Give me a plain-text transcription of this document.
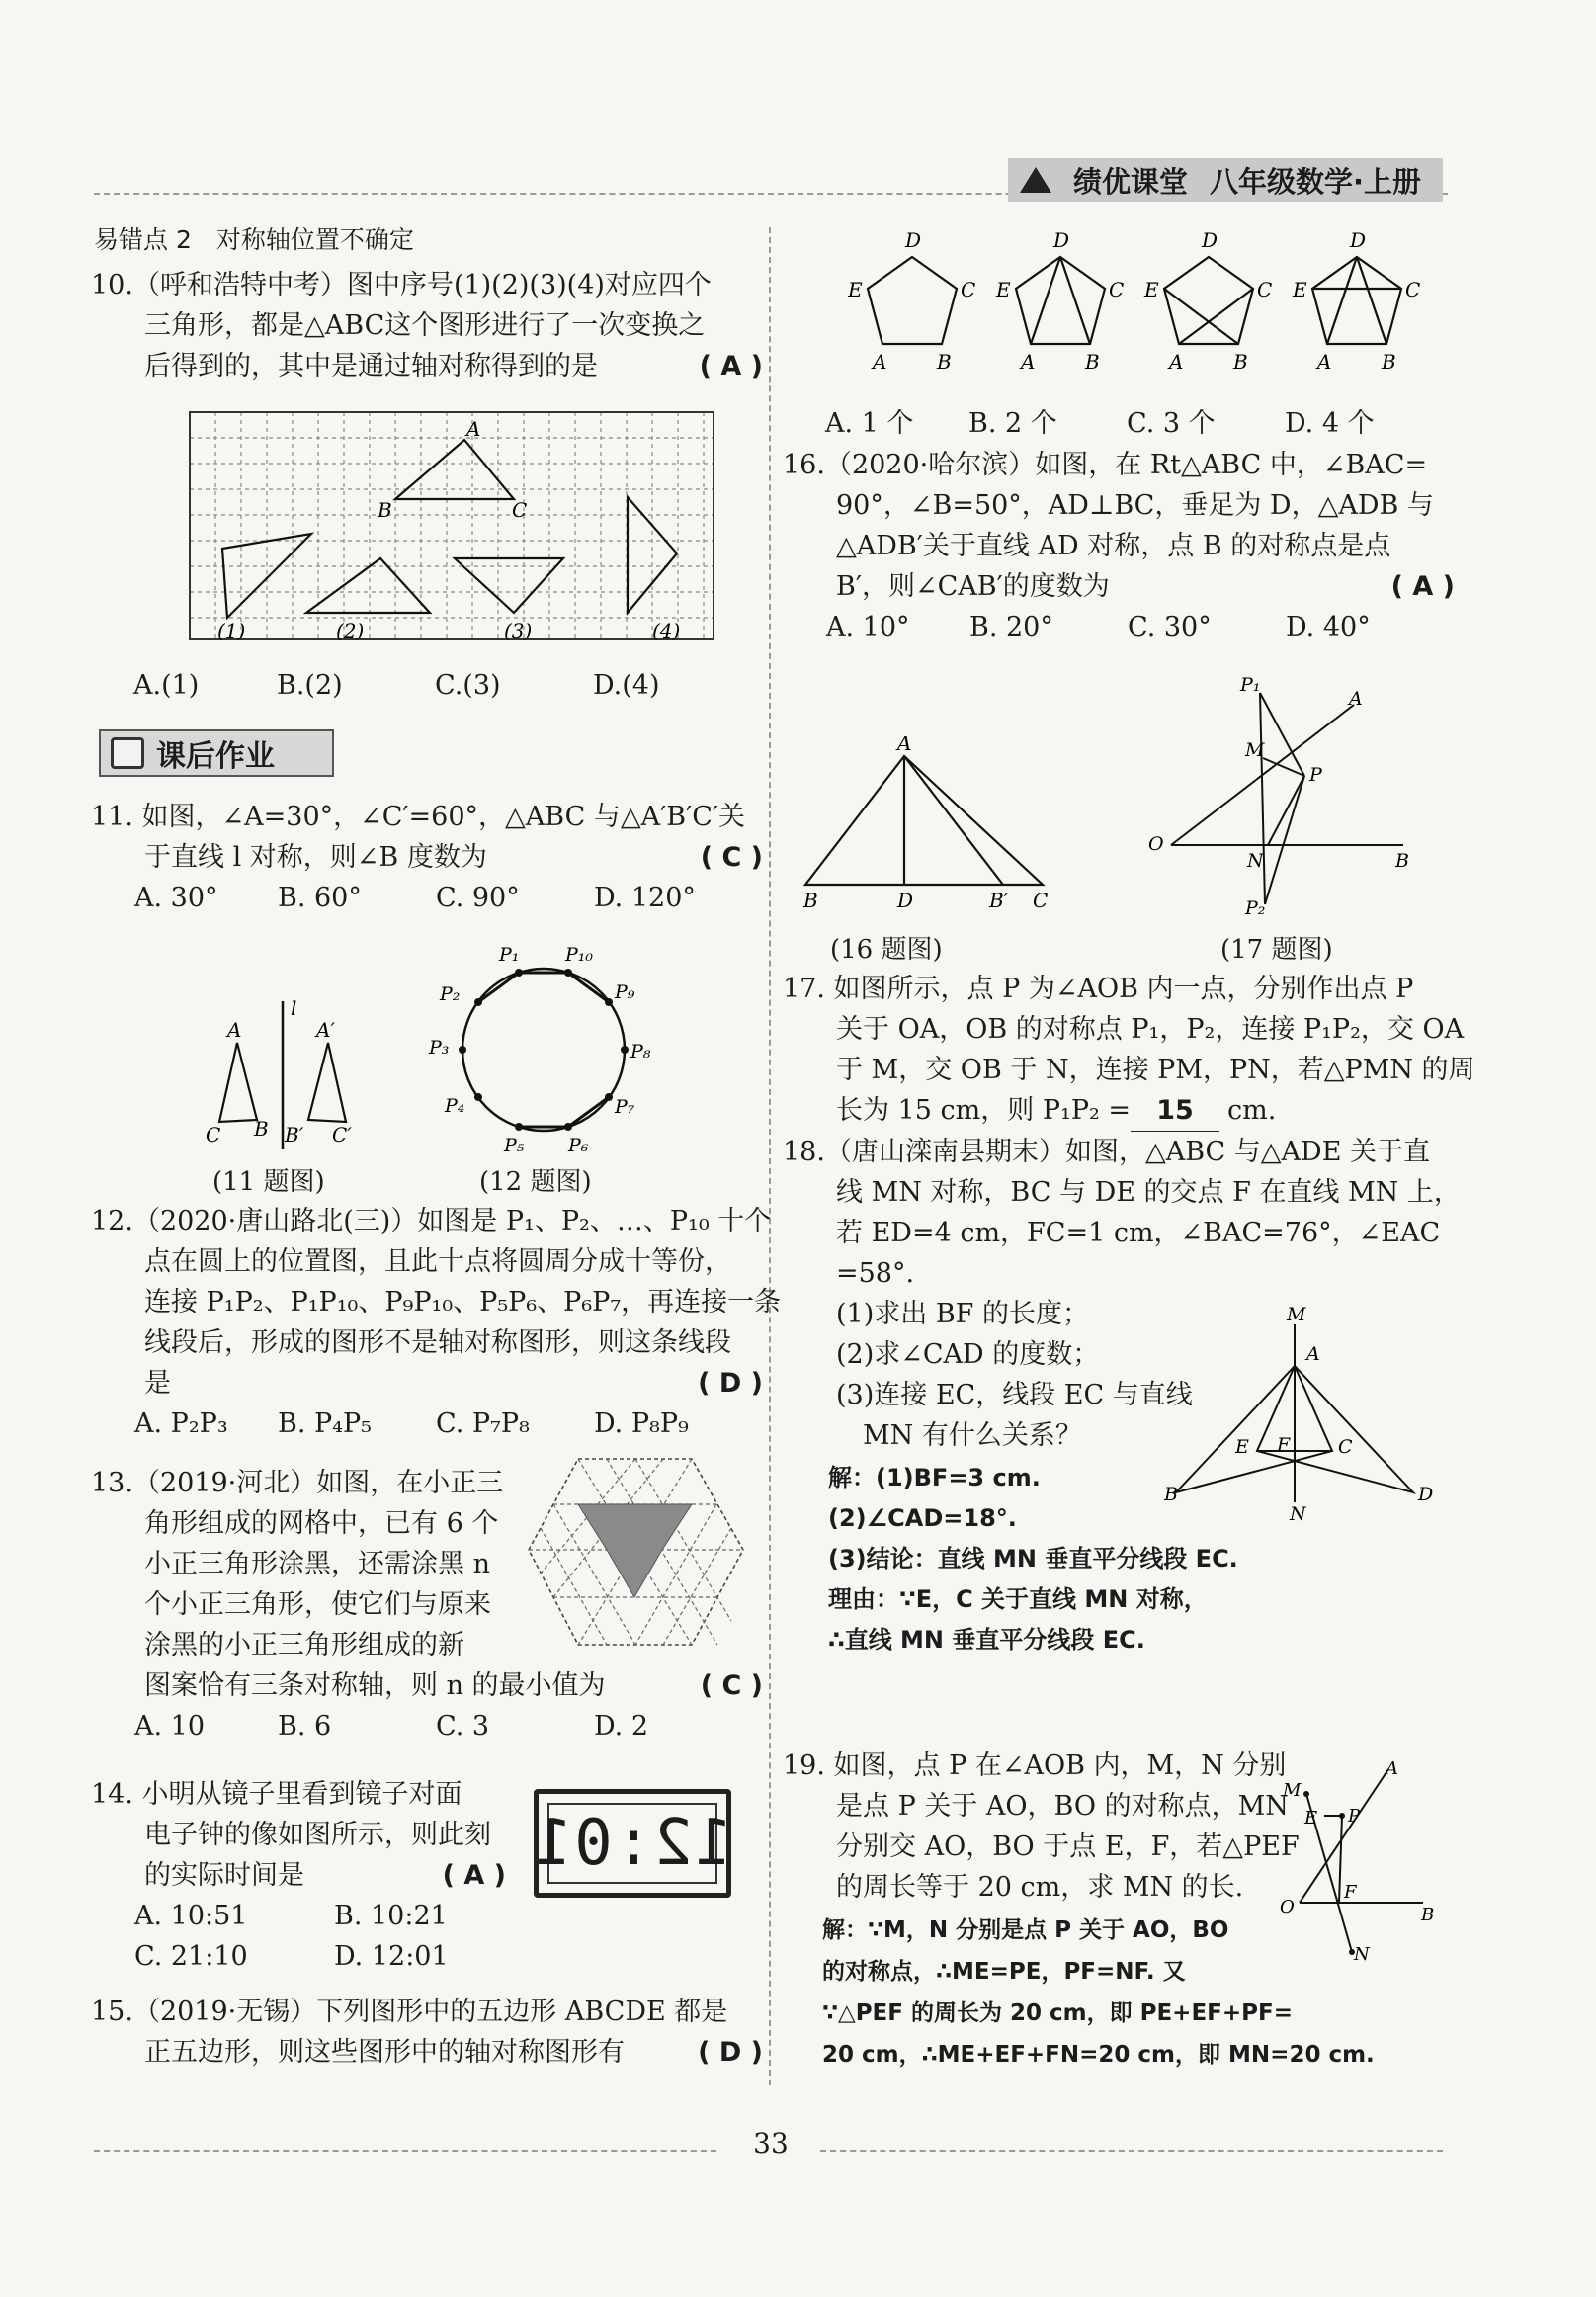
绩优课堂 八年级数学·上册
易错点 2　对称轴位置不确定
10.（呼和浩特中考）图中序号(1)(2)(3)(4)对应四个
　　三角形，都是△ABC这个图形进行了一次变换之
　　后得到的，其中是通过轴对称得到的是	( A )
A
B	C
(1)	(2)	(3)	(4)
A.(1)	B.(2)	C.(3)	D.(4)
课后作业
11. 如图，∠A=30°，∠C′=60°，△ABC 与△A′B′C′关
　　于直线 l 对称，则∠B 度数为	( C )
A. 30°	B. 60°	C. 90°	D. 120°
l
A
B
C
A′
B′ C′
(11 题图)
P₁
P₂
P₃
P₄
P₅ P₆
P₇
P₈
P₉
P₁₀
(12 题图)
12.（2020·唐山路北(三)）如图是 P₁、P₂、…、P₁₀ 十个
　　点在圆上的位置图，且此十点将圆周分成十等份，
　　连接 P₁P₂、P₁P₁₀、P₉P₁₀、P₅P₆、P₆P₇，再连接一条
　　线段后，形成的图形不是轴对称图形，则这条线段
　　是	( D )
A. P₂P₃	B. P₄P₅	C. P₇P₈	D. P₈P₉
13.（2019·河北）如图，在小正三
　　角形组成的网格中，已有 6 个
　　小正三角形涂黑，还需涂黑 n
　　个小正三角形，使它们与原来
　　涂黑的小正三角形组成的新
　　图案恰有三条对称轴，则 n 的最小值为	( C )
A. 10	B. 6	C. 3	D. 2
14. 小明从镜子里看到镜子对面
　　电子钟的像如图所示，则此刻
　　的实际时间是	( A )
A. 10:51	B. 10:21
C. 21:10	D. 12:01
12:01
15.（2019·无锡）下列图形中的五边形 ABCDE 都是
　　正五边形，则这些图形中的轴对称图形有	( D )
D
E	C
A	B
D
E	C
A	B
D
E	C
A	B
D
E	C
A	B
A. 1 个	B. 2 个	C. 3 个	D. 4 个
16.（2020·哈尔滨）如图，在 Rt△ABC 中，∠BAC=
　　90°，∠B=50°，AD⊥BC，垂足为 D，△ADB 与
　　△ADB′关于直线 AD 对称，点 B 的对称点是点
　　B′，则∠CAB′的度数为	( A )
A. 10°	B. 20°	C. 30°	D. 40°
A
B	D	B′ C
(16 题图)
P₁
A
M
P
O
N	B
P₂
(17 题图)
17. 如图所示，点 P 为∠AOB 内一点，分别作出点 P
　　关于 OA，OB 的对称点 P₁，P₂，连接 P₁P₂，交 OA
　　于 M，交 OB 于 N，连接 PM，PN，若△PMN 的周
　　长为 15 cm，则 P₁P₂ = 15	cm.
18.（唐山滦南县期末）如图，△ABC 与△ADE 关于直
　　线 MN 对称，BC 与 DE 的交点 F 在直线 MN 上，
　　若 ED=4 cm，FC=1 cm，∠BAC=76°，∠EAC
　　=58°.
　　(1)求出 BF 的长度；
　　(2)求∠CAD 的度数；
　　(3)连接 EC，线段 EC 与直线
　　　MN 有什么关系？
解：(1)BF=3 cm.
(2)∠CAD=18°.
(3)结论：直线 MN 垂直平分线段 EC.
理由：∵E，C 关于直线 MN 对称，
∴直线 MN 垂直平分线段 EC.
M
A
E	C
F
B	D
N
19. 如图，点 P 在∠AOB 内，M，N 分别
　　是点 P 关于 AO，BO 的对称点，MN
　　分别交 AO，BO 于点 E，F，若△PEF
　　的周长等于 20 cm，求 MN 的长.
解：∵M，N 分别是点 P 关于 AO，BO
的对称点，∴ME=PE，PF=NF. 又
∵△PEF 的周长为 20 cm，即 PE+EF+PF=
20 cm，∴ME+EF+FN=20 cm，即 MN=20 cm.
M
A
E P
O
F
B
N
33
